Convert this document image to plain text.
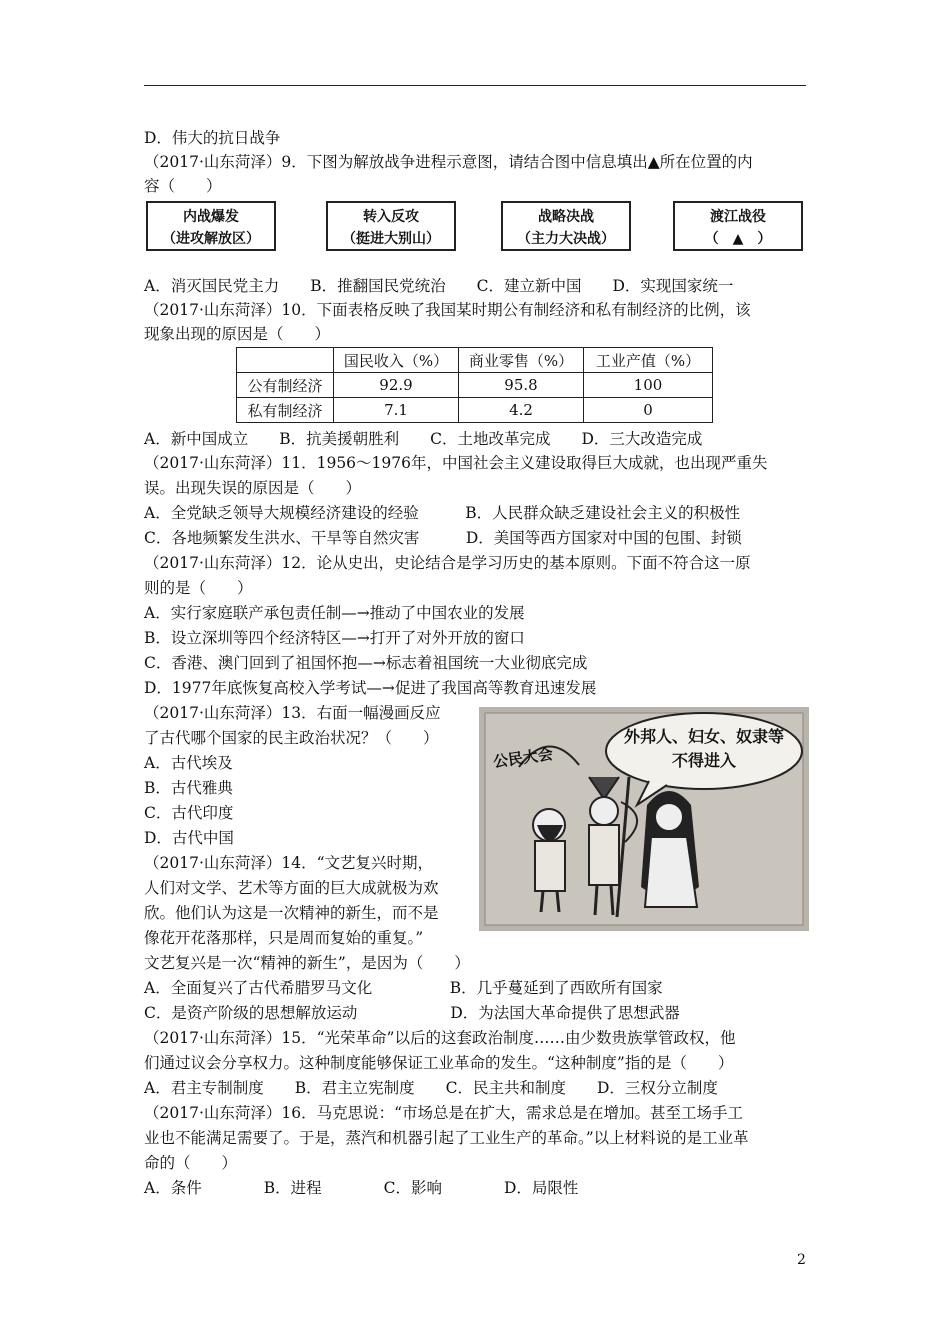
D．伟大的抗日战争
（2017·山东菏泽）9．下图为解放战争进程示意图，请结合图中信息填出▲所在位置的内
容（　　）
内战爆发
（进攻解放区）
转入反攻
（挺进大别山）
战略决战
（主力大决战）
渡江战役
（　▲　）
A．消灭国民党主力　　B．推翻国民党统治　　C．建立新中国　　D．实现国家统一
（2017·山东菏泽）10．下面表格反映了我国某时期公有制经济和私有制经济的比例，该
现象出现的原因是（　　）
	国民收入（%）	商业零售（%）	工业产值（%）
公有制经济	92.9	95.8	100
私有制经济	7.1	4.2	0
A．新中国成立　　B．抗美援朝胜利　　C．土地改革完成　　D．三大改造完成
（2017·山东菏泽）11．1956～1976年，中国社会主义建设取得巨大成就，也出现严重失
误。出现失误的原因是（　　）
A．全党缺乏领导大规模经济建设的经验　　　B．人民群众缺乏建设社会主义的积极性
C．各地频繁发生洪水、干旱等自然灾害　　　D．美国等西方国家对中国的包围、封锁
（2017·山东菏泽）12．论从史出，史论结合是学习历史的基本原则。下面不符合这一原
则的是（　　）
A．实行家庭联产承包责任制—→推动了中国农业的发展
B．设立深圳等四个经济特区—→打开了对外开放的窗口
C．香港、澳门回到了祖国怀抱—→标志着祖国统一大业彻底完成
D．1977年底恢复高校入学考试—→促进了我国高等教育迅速发展
（2017·山东菏泽）13．右面一幅漫画反应
了古代哪个国家的民主政治状况？（　　）
A．古代埃及
B．古代雅典
C．古代印度
D．古代中国
（2017·山东菏泽）14．“文艺复兴时期，
人们对文学、艺术等方面的巨大成就极为欢
欣。他们认为这是一次精神的新生，而不是
像花开花落那样，只是周而复始的重复。”
文艺复兴是一次“精神的新生”，是因为（　　）
A．全面复兴了古代希腊罗马文化　　　　　B．几乎蔓延到了西欧所有国家
C．是资产阶级的思想解放运动　　　　　　D．为法国大革命提供了思想武器
（2017·山东菏泽）15．“光荣革命”以后的这套政治制度……由少数贵族掌管政权，他
们通过议会分享权力。这种制度能够保证工业革命的发生。“这种制度”指的是（　　）
A．君主专制制度　　B．君主立宪制度　　C．民主共和制度　　D．三权分立制度
（2017·山东菏泽）16．马克思说：“市场总是在扩大，需求总是在增加。甚至工场手工
业也不能满足需要了。于是，蒸汽和机器引起了工业生产的革命。”以上材料说的是工业革
命的（　　）
A．条件　　　　B．进程　　　　C．影响　　　　D．局限性
外邦人、妇女、奴隶等不得进入
公民大会
2
